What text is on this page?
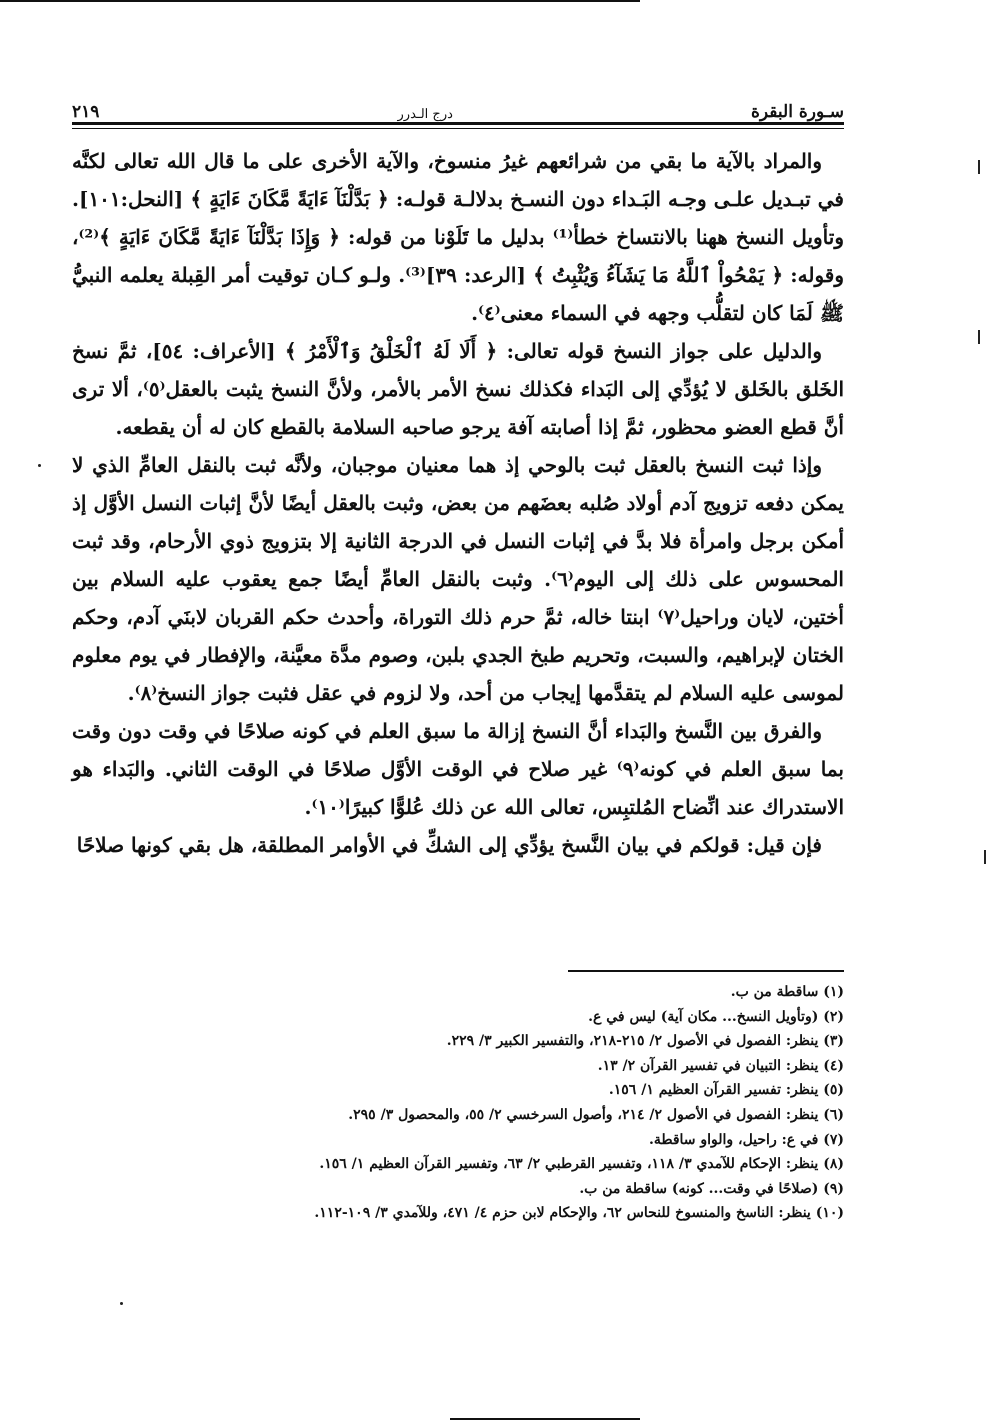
سـورة البقرة
درج الـدرر
٢١٩

والمراد بالآية ما بقي من شرائعهم غيرُ منسوخ، والآية الأخرى على ما قال الله تعالى لكنَّه في تبـديل علـى وجـه البَـداء دون النسـخ بدلالـة قولـه: ﴿ بَدَّلْنَآ ءَايَةً مَّكَانَ ءَايَةٍ ﴾ [النحل:١٠١]. وتأويل النسخ ههنا بالانتساخ خطأ⁽¹⁾ بدليل ما تَلَوْنا من قوله: ﴿ وَإِذَا بَدَّلْنَآ ءَايَةً مَّكَانَ ءَايَةٍ ﴾⁽²⁾، وقوله: ﴿ يَمْحُواْ ٱللَّهُ مَا يَشَآءُ وَيُثْبِتُ ﴾ [الرعد: ٣٩]⁽³⁾. ولـو كـان توقيت أمر القِبلة يعلمه النبيُّ ﷺ لَمَا كان لتقلُّب وجهه في السماء معنى⁽٤⁾.

والدليل على جواز النسخ قوله تعالى: ﴿ أَلَا لَهُ ٱلْخَلْقُ وَٱلْأَمْرُ ﴾ [الأعراف: ٥٤]، ثمَّ نسخ الخَلق بالخَلق لا يُؤدِّي إلى البَداء فكذلك نسخ الأمر بالأمر، ولأنَّ النسخ يثبت بالعقل⁽٥⁾، ألا ترى أنَّ قطع العضو محظور، ثمَّ إذا أصابته آفة يرجو صاحبه السلامة بالقطع كان له أن يقطعه.

وإذا ثبت النسخ بالعقل ثبت بالوحي إذ هما معنيان موجبان، ولأنَّه ثبت بالنقل العامِّ الذي لا يمكن دفعه تزويج آدم أولاد صُلبه بعضَهم من بعض، وثبت بالعقل أيضًا لأنَّ إثبات النسل الأوَّل إذ أمكن برجل وامرأة فلا بدَّ في إثبات النسل في الدرجة الثانية إلا بتزويج ذوي الأرحام، وقد ثبت المحسوس على ذلك إلى اليوم⁽٦⁾. وثبت بالنقل العامِّ أيضًا جمع يعقوب عليه السلام بين أختين، لايان وراحيل⁽٧⁾ ابنتا خاله، ثمَّ حرم ذلك التوراة، وأحدث حكم القربان لابنَي آدم، وحكم الختان لإبراهيم، والسبت، وتحريم طبخ الجدي بلبن، وصوم مدَّة معيَّنة، والإفطار في يوم معلوم لموسى عليه السلام لم يتقدَّمها إيجاب من أحد، ولا لزوم في عقل فثبت جواز النسخ⁽٨⁾.

والفرق بين النَّسخ والبَداء أنَّ النسخ إزالة ما سبق العلم في كونه صلاحًا في وقت دون وقت بما سبق العلم في كونه⁽٩⁾ غير صلاح في الوقت الأوَّل صلاحًا في الوقت الثاني. والبَداء هو الاستدراك عند انِّضاح المُلتبِس، تعالى الله عن ذلك عُلوًّا كبيرًا⁽١٠⁾.

فإن قيل: قولكم في بيان النَّسخ يؤدِّي إلى الشكِّ في الأوامر المطلقة، هل بقي كونها صلاحًا

(١) ساقطة من ب.
(٢) (وتأويل النسخ... مكان آية) ليس في ع.
(٣) ينظر: الفصول في الأصول ٢/ ٢١٥-٢١٨، والتفسير الكبير ٣/ ٢٢٩.
(٤) ينظر: التبيان في تفسير القرآن ٢/ ١٣.
(٥) ينظر: تفسير القرآن العظيم ١/ ١٥٦.
(٦) ينظر: الفصول في الأصول ٢/ ٢١٤، وأصول السرخسي ٢/ ٥٥، والمحصول ٣/ ٢٩٥.
(٧) في ع: راحيل، والواو ساقطة.
(٨) ينظر: الإحكام للآمدي ٣/ ١١٨، وتفسير القرطبي ٢/ ٦٣، وتفسير القرآن العظيم ١/ ١٥٦.
(٩) (صلاحًا في وقت... كونه) ساقطة من ب.
(١٠) ينظر: الناسخ والمنسوخ للنحاس ٦٢، والإحكام لابن حزم ٤/ ٤٧١، وللآمدي ٣/ ١٠٩-١١٢.
